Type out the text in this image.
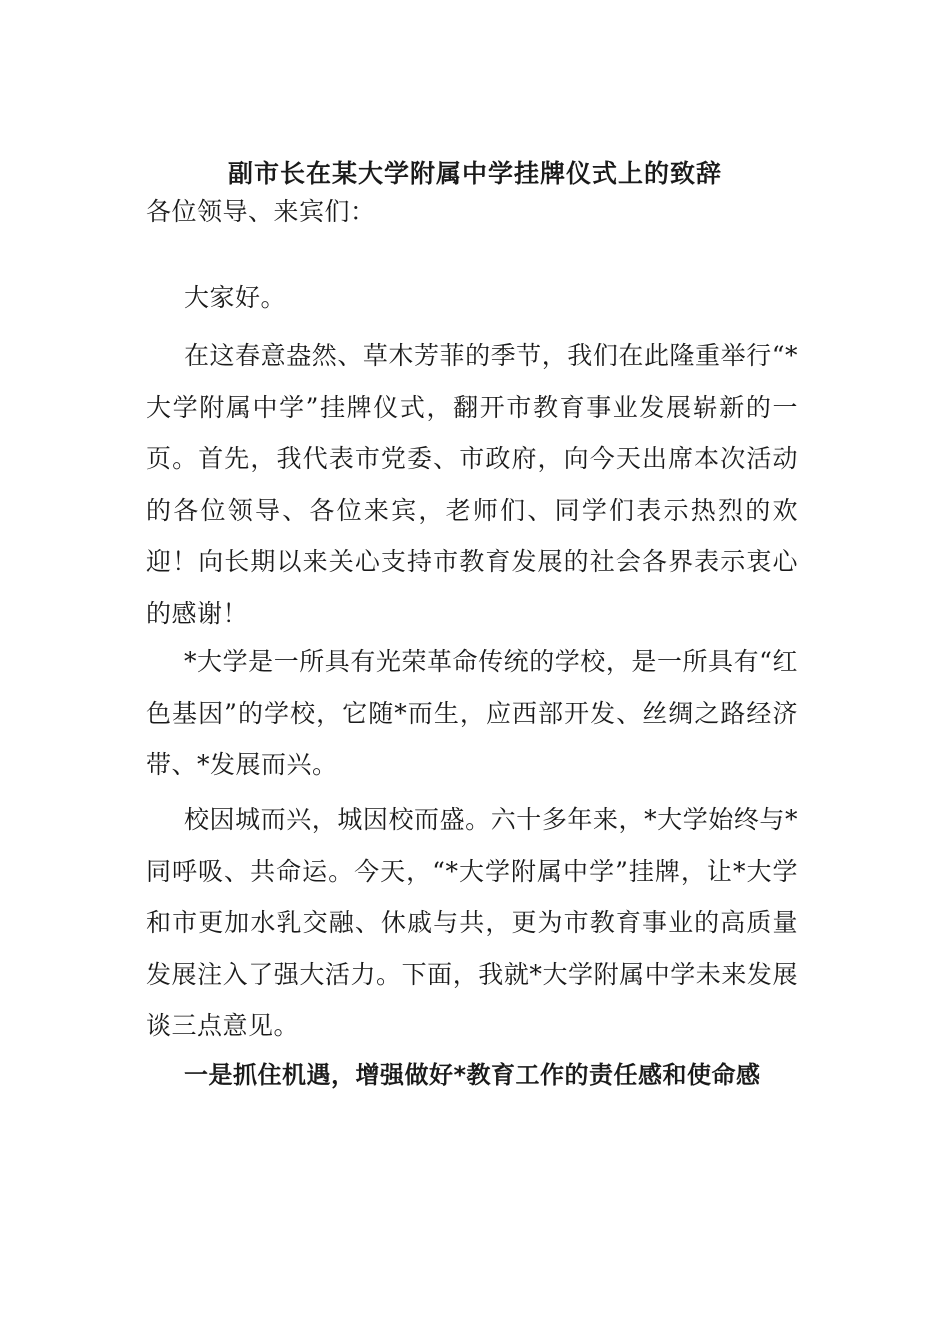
副市长在某大学附属中学挂牌仪式上的致辞

各位领导、来宾们：

大家好。

在这春意盎然、草木芳菲的季节，我们在此隆重举行“*大学附属中学”挂牌仪式，翻开市教育事业发展崭新的一页。首先，我代表市党委、市政府，向今天出席本次活动的各位领导、各位来宾，老师们、同学们表示热烈的欢迎！向长期以来关心支持市教育发展的社会各界表示衷心的感谢！

*大学是一所具有光荣革命传统的学校，是一所具有“红色基因”的学校，它随*而生，应西部开发、丝绸之路经济带、*发展而兴。

校因城而兴，城因校而盛。六十多年来，*大学始终与*同呼吸、共命运。今天，“*大学附属中学”挂牌，让*大学和市更加水乳交融、休戚与共，更为市教育事业的高质量发展注入了强大活力。下面，我就*大学附属中学未来发展谈三点意见。

一是抓住机遇，增强做好*教育工作的责任感和使命感
